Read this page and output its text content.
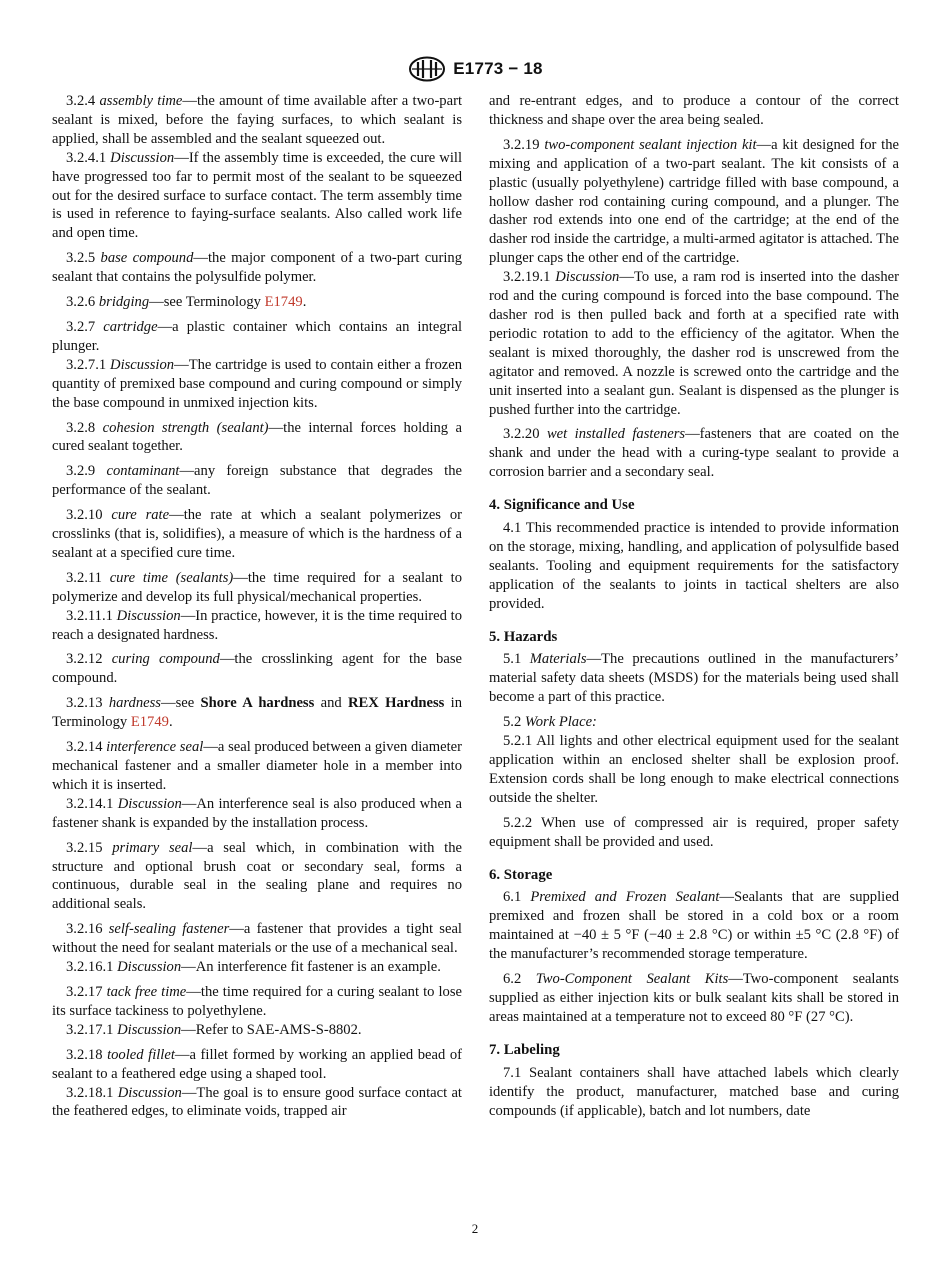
E1773 − 18

3.2.4 assembly time—the amount of time available after a two-part sealant is mixed, before the faying surfaces, to which sealant is applied, shall be assembled and the sealant squeezed out.

3.2.4.1 Discussion—If the assembly time is exceeded, the cure will have progressed too far to permit most of the sealant to be squeezed out for the desired surface to surface contact. The term assembly time is used in reference to faying-surface sealants. Also called work life and open time.

3.2.5 base compound—the major component of a two-part curing sealant that contains the polysulfide polymer.

3.2.6 bridging—see Terminology E1749.

3.2.7 cartridge—a plastic container which contains an integral plunger.

3.2.7.1 Discussion—The cartridge is used to contain either a frozen quantity of premixed base compound and curing compound or simply the base compound in unmixed injection kits.

3.2.8 cohesion strength (sealant)—the internal forces holding a cured sealant together.

3.2.9 contaminant—any foreign substance that degrades the performance of the sealant.

3.2.10 cure rate—the rate at which a sealant polymerizes or crosslinks (that is, solidifies), a measure of which is the hardness of a sealant at a specified cure time.

3.2.11 cure time (sealants)—the time required for a sealant to polymerize and develop its full physical/mechanical properties.

3.2.11.1 Discussion—In practice, however, it is the time required to reach a designated hardness.

3.2.12 curing compound—the crosslinking agent for the base compound.

3.2.13 hardness—see Shore A hardness and REX Hardness in Terminology E1749.

3.2.14 interference seal—a seal produced between a given diameter mechanical fastener and a smaller diameter hole in a member into which it is inserted.

3.2.14.1 Discussion—An interference seal is also produced when a fastener shank is expanded by the installation process.

3.2.15 primary seal—a seal which, in combination with the structure and optional brush coat or secondary seal, forms a continuous, durable seal in the sealing plane and requires no additional seals.

3.2.16 self-sealing fastener—a fastener that provides a tight seal without the need for sealant materials or the use of a mechanical seal.

3.2.16.1 Discussion—An interference fit fastener is an example.

3.2.17 tack free time—the time required for a curing sealant to lose its surface tackiness to polyethylene.

3.2.17.1 Discussion—Refer to SAE-AMS-S-8802.

3.2.18 tooled fillet—a fillet formed by working an applied bead of sealant to a feathered edge using a shaped tool.

3.2.18.1 Discussion—The goal is to ensure good surface contact at the feathered edges, to eliminate voids, trapped air

and re-entrant edges, and to produce a contour of the correct thickness and shape over the area being sealed.

3.2.19 two-component sealant injection kit—a kit designed for the mixing and application of a two-part sealant. The kit consists of a plastic (usually polyethylene) cartridge filled with base compound, a hollow dasher rod containing curing compound, and a plunger. The dasher rod extends into one end of the cartridge; at the end of the dasher rod inside the cartridge, a multi-armed agitator is attached. The plunger caps the other end of the cartridge.

3.2.19.1 Discussion—To use, a ram rod is inserted into the dasher rod and the curing compound is forced into the base compound. The dasher rod is then pulled back and forth at a specified rate with periodic rotation to add to the efficiency of the agitator. When the sealant is mixed thoroughly, the dasher rod is unscrewed from the agitator and removed. A nozzle is screwed onto the cartridge and the unit inserted into a sealant gun. Sealant is dispensed as the plunger is pushed further into the cartridge.

3.2.20 wet installed fasteners—fasteners that are coated on the shank and under the head with a curing-type sealant to provide a corrosion barrier and a secondary seal.

4. Significance and Use

4.1 This recommended practice is intended to provide information on the storage, mixing, handling, and application of polysulfide based sealants. Tooling and equipment requirements for the satisfactory application of the sealants to joints in tactical shelters are also provided.

5. Hazards

5.1 Materials—The precautions outlined in the manufacturers’ material safety data sheets (MSDS) for the materials being used shall become a part of this practice.

5.2 Work Place:

5.2.1 All lights and other electrical equipment used for the sealant application within an enclosed shelter shall be explosion proof. Extension cords shall be long enough to make electrical connections outside the shelter.

5.2.2 When use of compressed air is required, proper safety equipment shall be provided and used.

6. Storage

6.1 Premixed and Frozen Sealant—Sealants that are supplied premixed and frozen shall be stored in a cold box or a room maintained at −40 ± 5 °F (−40 ± 2.8 °C) or within ±5 °C (2.8 °F) of the manufacturer’s recommended storage temperature.

6.2 Two-Component Sealant Kits—Two-component sealants supplied as either injection kits or bulk sealant kits shall be stored in areas maintained at a temperature not to exceed 80 °F (27 °C).

7. Labeling

7.1 Sealant containers shall have attached labels which clearly identify the product, manufacturer, matched base and curing compounds (if applicable), batch and lot numbers, date

2
